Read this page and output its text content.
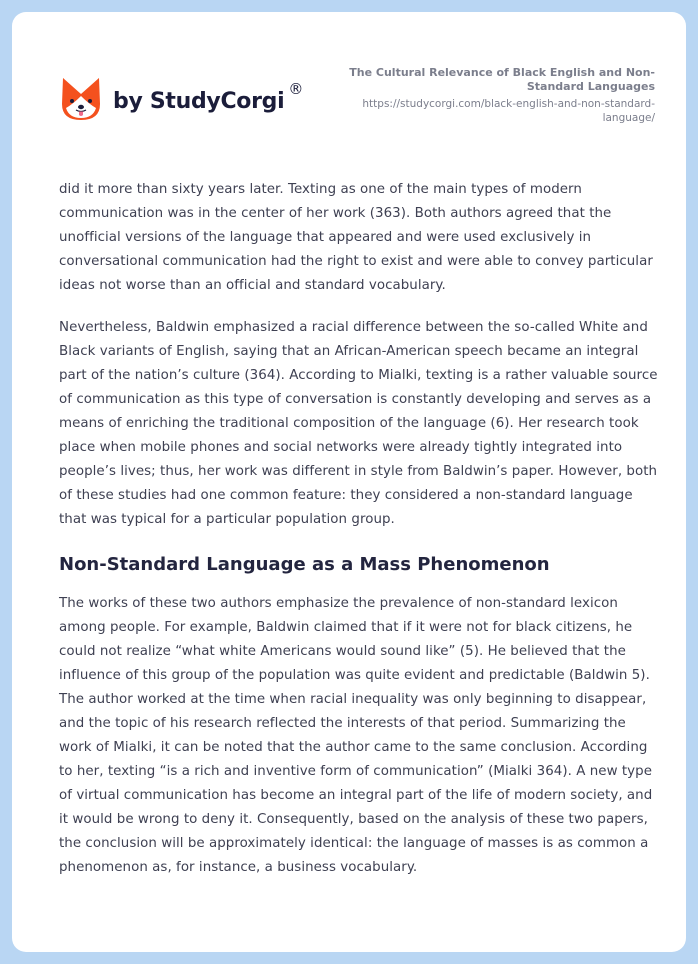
by StudyCorgi ®
The Cultural Relevance of Black English and Non-Standard Languages
https://studycorgi.com/black-english-and-non-standard-language/

did it more than sixty years later. Texting as one of the main types of modern communication was in the center of her work (363). Both authors agreed that the unofficial versions of the language that appeared and were used exclusively in conversational communication had the right to exist and were able to convey particular ideas not worse than an official and standard vocabulary.

Nevertheless, Baldwin emphasized a racial difference between the so-called White and Black variants of English, saying that an African-American speech became an integral part of the nation’s culture (364). According to Mialki, texting is a rather valuable source of communication as this type of conversation is constantly developing and serves as a means of enriching the traditional composition of the language (6). Her research took place when mobile phones and social networks were already tightly integrated into people’s lives; thus, her work was different in style from Baldwin’s paper. However, both of these studies had one common feature: they considered a non-standard language that was typical for a particular population group.

Non-Standard Language as a Mass Phenomenon

The works of these two authors emphasize the prevalence of non-standard lexicon among people. For example, Baldwin claimed that if it were not for black citizens, he could not realize “what white Americans would sound like” (5). He believed that the influence of this group of the population was quite evident and predictable (Baldwin 5). The author worked at the time when racial inequality was only beginning to disappear, and the topic of his research reflected the interests of that period. Summarizing the work of Mialki, it can be noted that the author came to the same conclusion. According to her, texting “is a rich and inventive form of communication” (Mialki 364). A new type of virtual communication has become an integral part of the life of modern society, and it would be wrong to deny it. Consequently, based on the analysis of these two papers, the conclusion will be approximately identical: the language of masses is as common a phenomenon as, for instance, a business vocabulary.
